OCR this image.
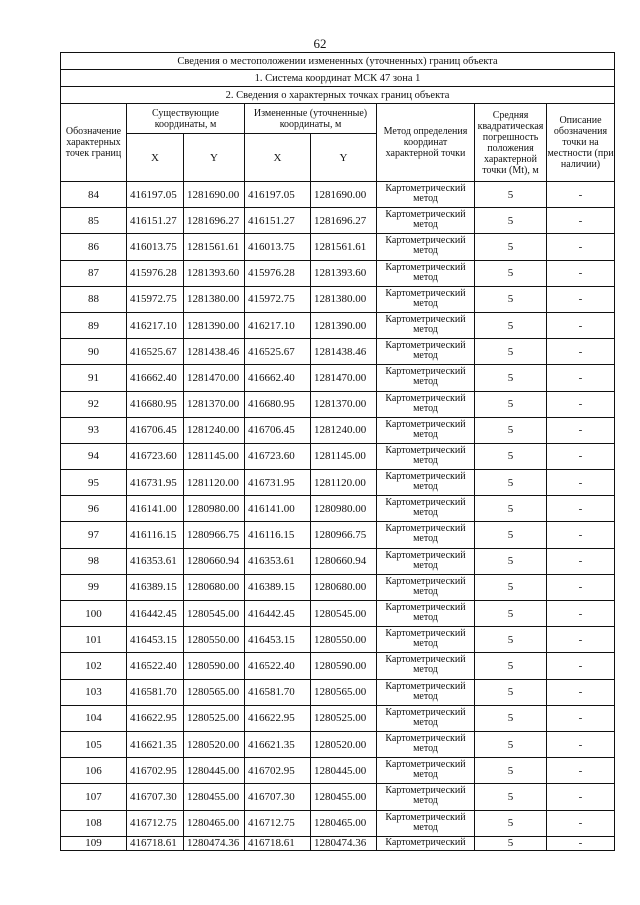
62
Сведения о местоположении измененных (уточненных) границ объекта							
1. Система координат МСК 47 зона 1							
2. Сведения о характерных точках границ объекта							
Обозначение характерных точек границ	Существующие координаты, м		Измененные (уточненные) координаты, м		Метод определения координат характерной точки	Средняя квадратическая погрешность положения характерной точки (Mt), м	Описание обозначения точки на местности (при наличии)
	X	Y	X	Y			
84	416197.05	1281690.00	416197.05	1281690.00	Картометрический метод	5	-
85	416151.27	1281696.27	416151.27	1281696.27	Картометрический метод	5	-
86	416013.75	1281561.61	416013.75	1281561.61	Картометрический метод	5	-
87	415976.28	1281393.60	415976.28	1281393.60	Картометрический метод	5	-
88	415972.75	1281380.00	415972.75	1281380.00	Картометрический метод	5	-
89	416217.10	1281390.00	416217.10	1281390.00	Картометрический метод	5	-
90	416525.67	1281438.46	416525.67	1281438.46	Картометрический метод	5	-
91	416662.40	1281470.00	416662.40	1281470.00	Картометрический метод	5	-
92	416680.95	1281370.00	416680.95	1281370.00	Картометрический метод	5	-
93	416706.45	1281240.00	416706.45	1281240.00	Картометрический метод	5	-
94	416723.60	1281145.00	416723.60	1281145.00	Картометрический метод	5	-
95	416731.95	1281120.00	416731.95	1281120.00	Картометрический метод	5	-
96	416141.00	1280980.00	416141.00	1280980.00	Картометрический метод	5	-
97	416116.15	1280966.75	416116.15	1280966.75	Картометрический метод	5	-
98	416353.61	1280660.94	416353.61	1280660.94	Картометрический метод	5	-
99	416389.15	1280680.00	416389.15	1280680.00	Картометрический метод	5	-
100	416442.45	1280545.00	416442.45	1280545.00	Картометрический метод	5	-
101	416453.15	1280550.00	416453.15	1280550.00	Картометрический метод	5	-
102	416522.40	1280590.00	416522.40	1280590.00	Картометрический метод	5	-
103	416581.70	1280565.00	416581.70	1280565.00	Картометрический метод	5	-
104	416622.95	1280525.00	416622.95	1280525.00	Картометрический метод	5	-
105	416621.35	1280520.00	416621.35	1280520.00	Картометрический метод	5	-
106	416702.95	1280445.00	416702.95	1280445.00	Картометрический метод	5	-
107	416707.30	1280455.00	416707.30	1280455.00	Картометрический метод	5	-
108	416712.75	1280465.00	416712.75	1280465.00	Картометрический метод	5	-
109	416718.61	1280474.36	416718.61	1280474.36	Картометрический	5	-
